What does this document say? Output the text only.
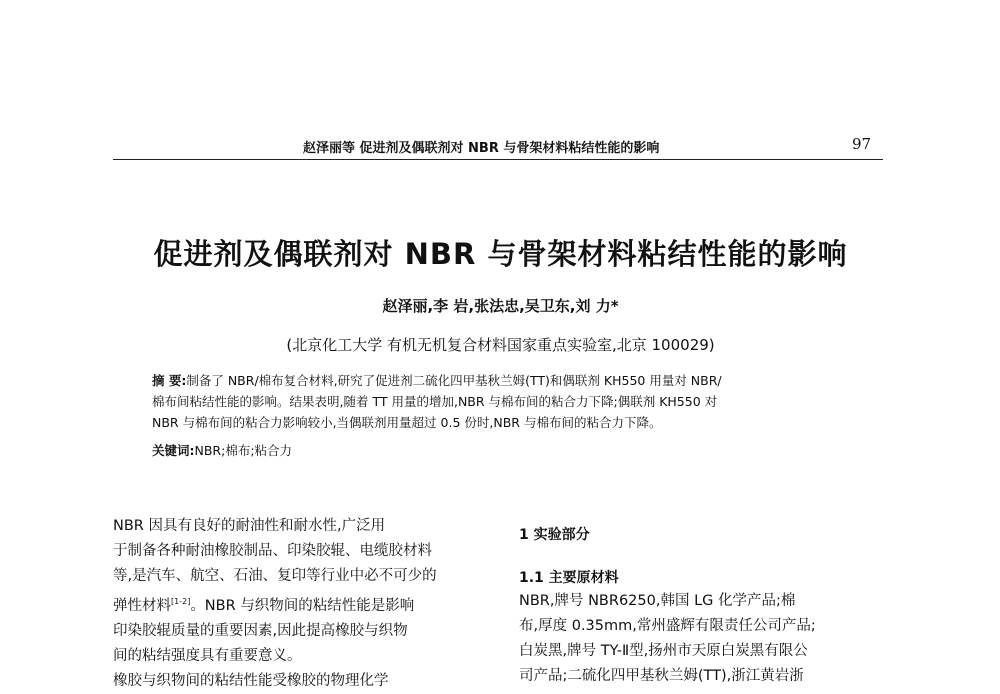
赵泽丽等 促进剂及偶联剂对 NBR 与骨架材料粘结性能的影响	97
促进剂及偶联剂对 NBR 与骨架材料粘结性能的影响
赵泽丽,李 岩,张法忠,吴卫东,刘 力*
(北京化工大学 有机无机复合材料国家重点实验室,北京 100029)
摘 要:制备了 NBR/棉布复合材料,研究了促进剂二硫化四甲基秋兰姆(TT)和偶联剂 KH550 用量对 NBR/
棉布间粘结性能的影响。结果表明,随着 TT 用量的增加,NBR 与棉布间的粘合力下降;偶联剂 KH550 对
NBR 与棉布间的粘合力影响较小,当偶联剂用量超过 0.5 份时,NBR 与棉布间的粘合力下降。
关键词:NBR;棉布;粘合力
NBR 因具有良好的耐油性和耐水性,广泛用
于制备各种耐油橡胶制品、印染胶辊、电缆胶材料
等,是汽车、航空、石油、复印等行业中必不可少的
弹性材料[1-2]。NBR 与织物间的粘结性能是影响
印染胶辊质量的重要因素,因此提高橡胶与织物
间的粘结强度具有重要意义。
橡胶与织物间的粘结性能受橡胶的物理化学
1 实验部分
1.1 主要原材料
NBR,牌号 NBR6250,韩国 LG 化学产品;棉
布,厚度 0.35mm,常州盛辉有限责任公司产品;
白炭黑,牌号 TY-Ⅱ型,扬州市天原白炭黑有限公
司产品;二硫化四甲基秋兰姆(TT),浙江黄岩浙
